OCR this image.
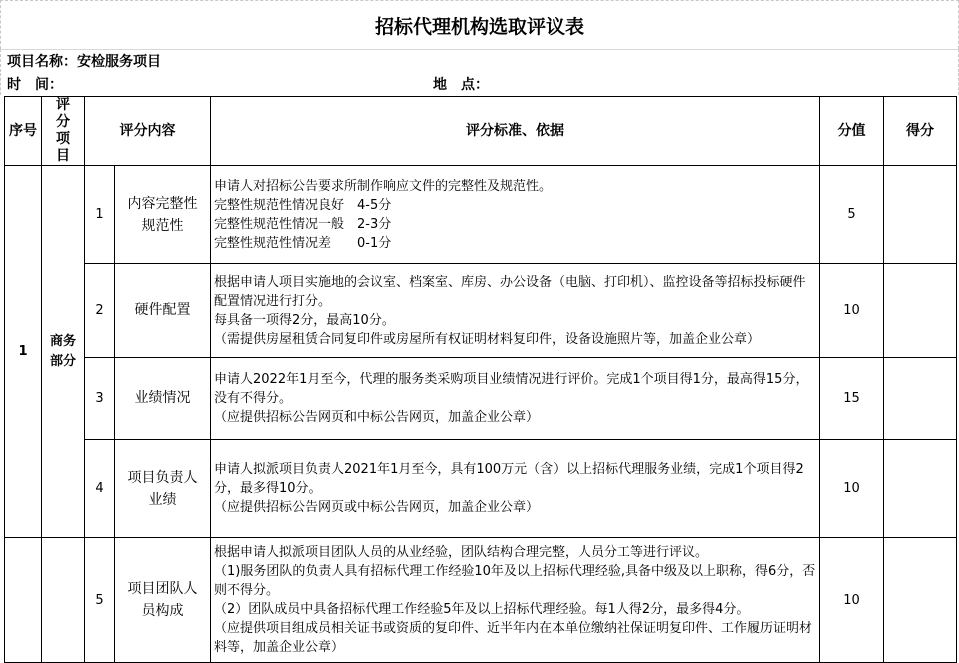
招标代理机构选取评议表
项目名称： 安检服务项目
时　间：	地　点：
序号	评分项目	评分内容		评分标准、依据	分值	得分
1	商务部分	1	内容完整性规范性	申请人对招标公告要求所制作响应文件的完整性及规范性。
完整性规范性情况良好　4-5分
完整性规范性情况一般　2-3分
完整性规范性情况差　　0-1分	5	
		2	硬件配置	根据申请人项目实施地的会议室、档案室、库房、办公设备（电脑、打印机）、监控设备等招标投标硬件配置情况进行打分。
每具备一项得2分，最高10分。
（需提供房屋租赁合同复印件或房屋所有权证明材料复印件，设备设施照片等，加盖企业公章）	10	
		3	业绩情况	申请人2022年1月至今，代理的服务类采购项目业绩情况进行评价。完成1个项目得1分，最高得15分，没有不得分。
（应提供招标公告网页和中标公告网页，加盖企业公章）	15	
		4	项目负责人业绩	申请人拟派项目负责人2021年1月至今，具有100万元（含）以上招标代理服务业绩，完成1个项目得2分，最多得10分。
（应提供招标公告网页或中标公告网页，加盖企业公章）	10	
		5	项目团队人员构成	根据申请人拟派项目团队人员的从业经验，团队结构合理完整，人员分工等进行评议。
（1)服务团队的负责人具有招标代理工作经验10年及以上招标代理经验,具备中级及以上职称，得6分，否则不得分。
（2）团队成员中具备招标代理工作经验5年及以上招标代理经验。每1人得2分，最多得4分。
（应提供项目组成员相关证书或资质的复印件、近半年内在本单位缴纳社保证明复印件、工作履历证明材料等，加盖企业公章）	10	
